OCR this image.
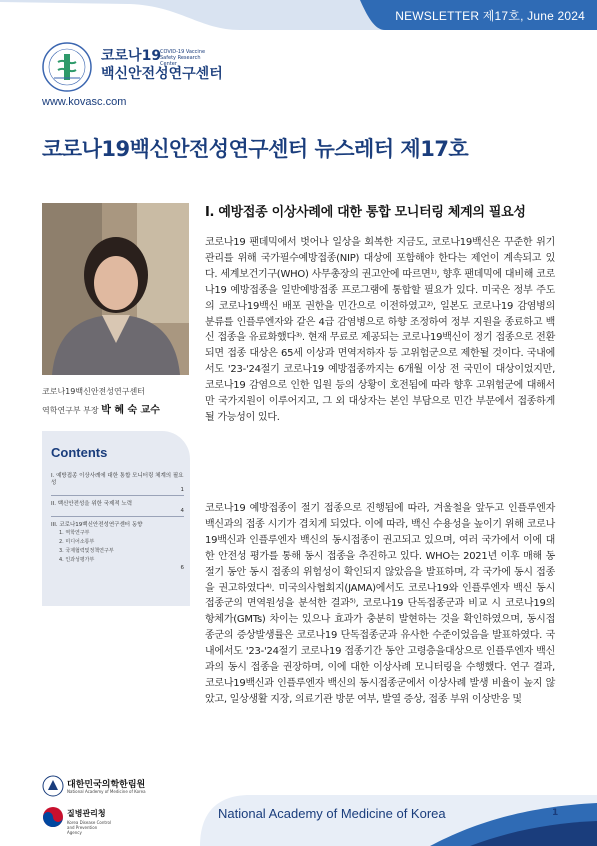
NEWSLETTER 제17호, June 2024
코로나19
백신안전성연구센터
COVID-19 Vaccine Safety Research Center
www.kovasc.com
코로나19백신안전성연구센터 뉴스레터 제17호
코로나19백신안전성연구센터
역학연구부 부장 박 혜 숙 교수
Contents
I. 예방접종 이상사례에 대한 통합 모니터링 체계의 필요성
1
II. 백신안전성을 위한 국제적 노력
4
III. 코로나19백신안전성연구센터 동향
1. 역학연구부
2. 미디어소통부
3. 국제협력및정책연구부
4. 인과성평가부
6
I. 예방접종 이상사례에 대한 통합 모니터링 체계의 필요성
코로나19 팬데믹에서 벗어나 일상을 회복한 지금도, 코로나19백신은 꾸준한 위기관리를 위해 국가필수예방접종(NIP) 대상에 포함해야 한다는 제언이 계속되고 있다. 세계보건기구(WHO) 사무총장의 권고안에 따르면¹⁾, 향후 팬데믹에 대비해 코로나19 예방접종을 일반예방접종 프로그램에 통합할 필요가 있다. 미국은 정부 주도의 코로나19백신 배포 권한을 민간으로 이전하였고²⁾, 일본도 코로나19 감염병의 분류를 인플루엔자와 같은 4급 감염병으로 하향 조정하여 정부 지원을 종료하고 백신 접종을 유료화했다³⁾. 현재 무료로 제공되는 코로나19백신이 정기 접종으로 전환되면 접종 대상은 65세 이상과 면역저하자 등 고위험군으로 제한될 것이다. 국내에서도 '23-'24절기 코로나19 예방접종까지는 6개월 이상 전 국민이 대상이었지만, 코로나19 감염으로 인한 입원 등의 상황이 호전됨에 따라 향후 고위험군에 대해서만 국가지원이 이루어지고, 그 외 대상자는 본인 부담으로 민간 부문에서 접종하게 될 가능성이 있다.
코로나19 예방접종이 절기 접종으로 진행됨에 따라, 겨울철을 앞두고 인플루엔자 백신과의 접종 시기가 겹치게 되었다. 이에 따라, 백신 수용성을 높이기 위해 코로나19백신과 인플루엔자 백신의 동시접종이 권고되고 있으며, 여러 국가에서 이에 대한 안전성 평가를 통해 동시 접종을 추진하고 있다. WHO는 2021년 이후 매해 동절기 동안 동시 접종의 위험성이 확인되지 않았음을 발표하며, 각 국가에 동시 접종을 권고하였다⁴⁾. 미국의사협회지(JAMA)에서도 코로나19와 인플루엔자 백신 동시접종군의 면역원성을 분석한 결과⁵⁾, 코로나19 단독접종군과 비교 시 코로나19의 항체가(GMTs) 차이는 있으나 효과가 충분히 발현하는 것을 확인하였으며, 동시접종군의 증상발생률은 코로나19 단독접종군과 유사한 수준이었음을 발표하였다. 국내에서도 '23-'24절기 코로나19 접종기간 동안 고령층을대상으로 인플루엔자 백신과의 동시 접종을 권장하며, 이에 대한 이상사례 모니터링을 수행했다. 연구 결과, 코로나19백신과 인플루엔자 백신의 동시접종군에서 이상사례 발생 비율이 높지 않았고, 일상생활 지장, 의료기관 방문 여부, 발열 증상, 접종 부위 이상반응 및
대한민국의학한림원
National Academy of Medicine of Korea
질병관리청
Korea Disease Control and Prevention Agency
National Academy of Medicine of Korea	1
